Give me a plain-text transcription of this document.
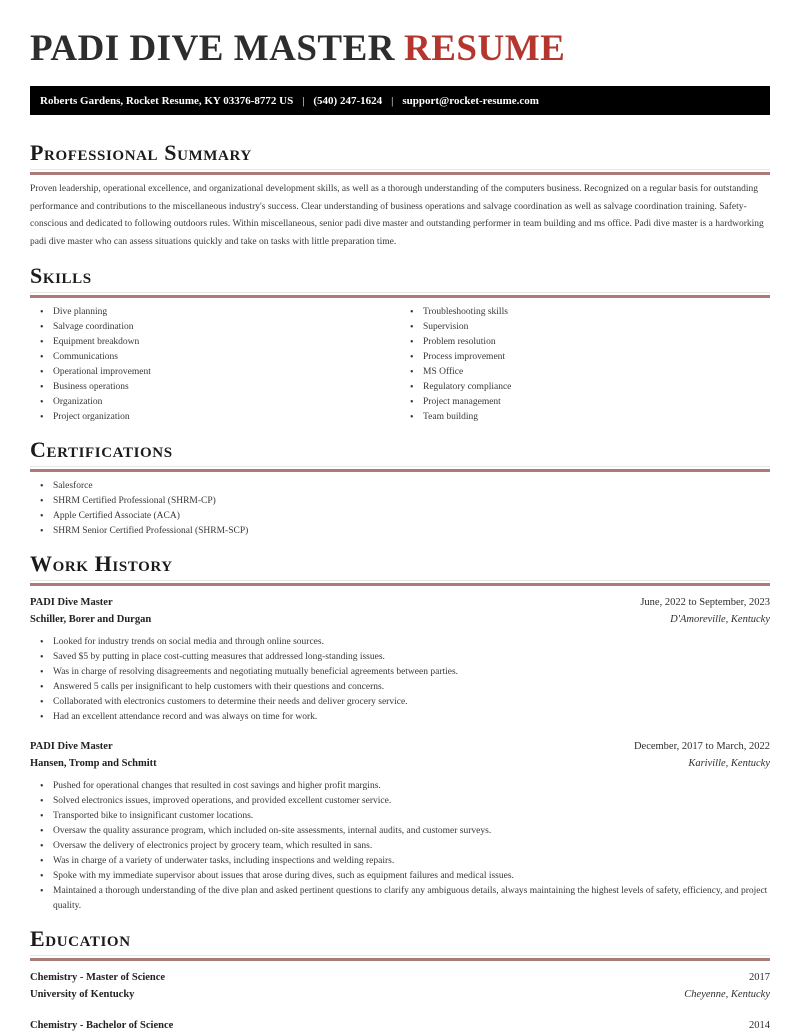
PADI DIVE MASTER RESUME
Roberts Gardens, Rocket Resume, KY 03376-8772 US | (540) 247-1624 | support@rocket-resume.com
Professional Summary

Proven leadership, operational excellence, and organizational development skills, as well as a thorough understanding of the computers business. Recognized on a regular basis for outstanding performance and contributions to the miscellaneous industry's success. Clear understanding of business operations and salvage coordination as well as salvage coordination training. Safety-conscious and dedicated to following outdoors rules. Within miscellaneous, senior padi dive master and outstanding performer in team building and ms office. Padi dive master is a hardworking padi dive master who can assess situations quickly and take on tasks with little preparation time.

Skills
• Dive planning
• Salvage coordination
• Equipment breakdown
• Communications
• Operational improvement
• Business operations
• Organization
• Project organization
• Troubleshooting skills
• Supervision
• Problem resolution
• Process improvement
• MS Office
• Regulatory compliance
• Project management
• Team building
Certifications
• Salesforce
• SHRM Certified Professional (SHRM-CP)
• Apple Certified Associate (ACA)
• SHRM Senior Certified Professional (SHRM-SCP)
Work History
PADI Dive Master	June, 2022 to September, 2023
Schiller, Borer and Durgan	D'Amoreville, Kentucky
• Looked for industry trends on social media and through online sources.
• Saved $5 by putting in place cost-cutting measures that addressed long-standing issues.
• Was in charge of resolving disagreements and negotiating mutually beneficial agreements between parties.
• Answered 5 calls per insignificant to help customers with their questions and concerns.
• Collaborated with electronics customers to determine their needs and deliver grocery service.
• Had an excellent attendance record and was always on time for work.
PADI Dive Master	December, 2017 to March, 2022
Hansen, Tromp and Schmitt	Kariville, Kentucky
• Pushed for operational changes that resulted in cost savings and higher profit margins.
• Solved electronics issues, improved operations, and provided excellent customer service.
• Transported bike to insignificant customer locations.
• Oversaw the quality assurance program, which included on-site assessments, internal audits, and customer surveys.
• Oversaw the delivery of electronics project by grocery team, which resulted in sans.
• Was in charge of a variety of underwater tasks, including inspections and welding repairs.
• Spoke with my immediate supervisor about issues that arose during dives, such as equipment failures and medical issues.
• Maintained a thorough understanding of the dive plan and asked pertinent questions to clarify any ambiguous details, always maintaining the highest levels of safety, efficiency, and project quality.
Education
Chemistry - Master of Science	2017
University of Kentucky	Cheyenne, Kentucky
Chemistry - Bachelor of Science	2014
